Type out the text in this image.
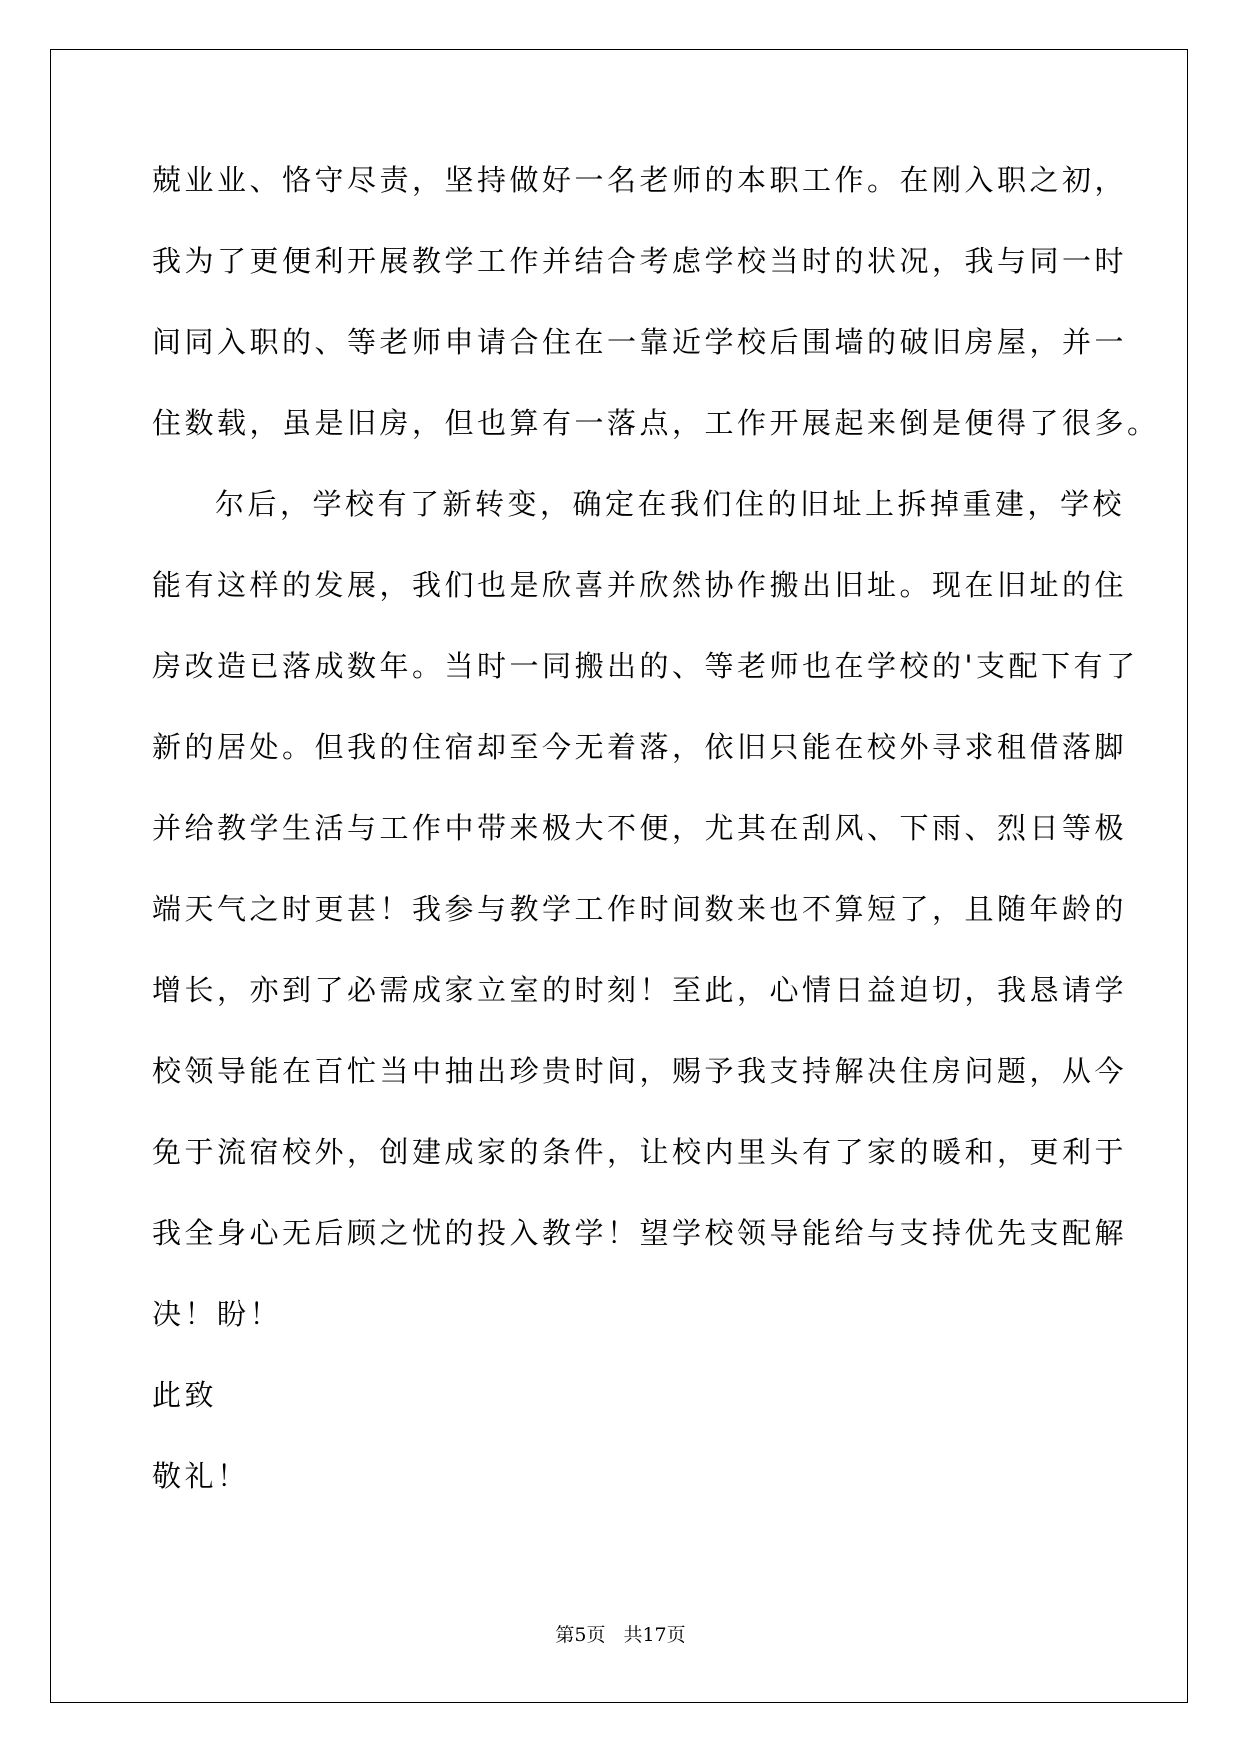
兢业业、恪守尽责，坚持做好一名老师的本职工作。在刚入职之初，
我为了更便利开展教学工作并结合考虑学校当时的状况，我与同一时
间同入职的、等老师申请合住在一靠近学校后围墙的破旧房屋，并一
住数载，虽是旧房，但也算有一落点，工作开展起来倒是便得了很多。
尔后，学校有了新转变，确定在我们住的旧址上拆掉重建，学校
能有这样的发展，我们也是欣喜并欣然协作搬出旧址。现在旧址的住
房改造已落成数年。当时一同搬出的、等老师也在学校的'支配下有了
新的居处。但我的住宿却至今无着落，依旧只能在校外寻求租借落脚
并给教学生活与工作中带来极大不便，尤其在刮风、下雨、烈日等极
端天气之时更甚！我参与教学工作时间数来也不算短了，且随年龄的
增长，亦到了必需成家立室的时刻！至此，心情日益迫切，我恳请学
校领导能在百忙当中抽出珍贵时间，赐予我支持解决住房问题，从今
免于流宿校外，创建成家的条件，让校内里头有了家的暖和，更利于
我全身心无后顾之忧的投入教学！望学校领导能给与支持优先支配解
决！盼！
此致
敬礼！
第5页 共17页
